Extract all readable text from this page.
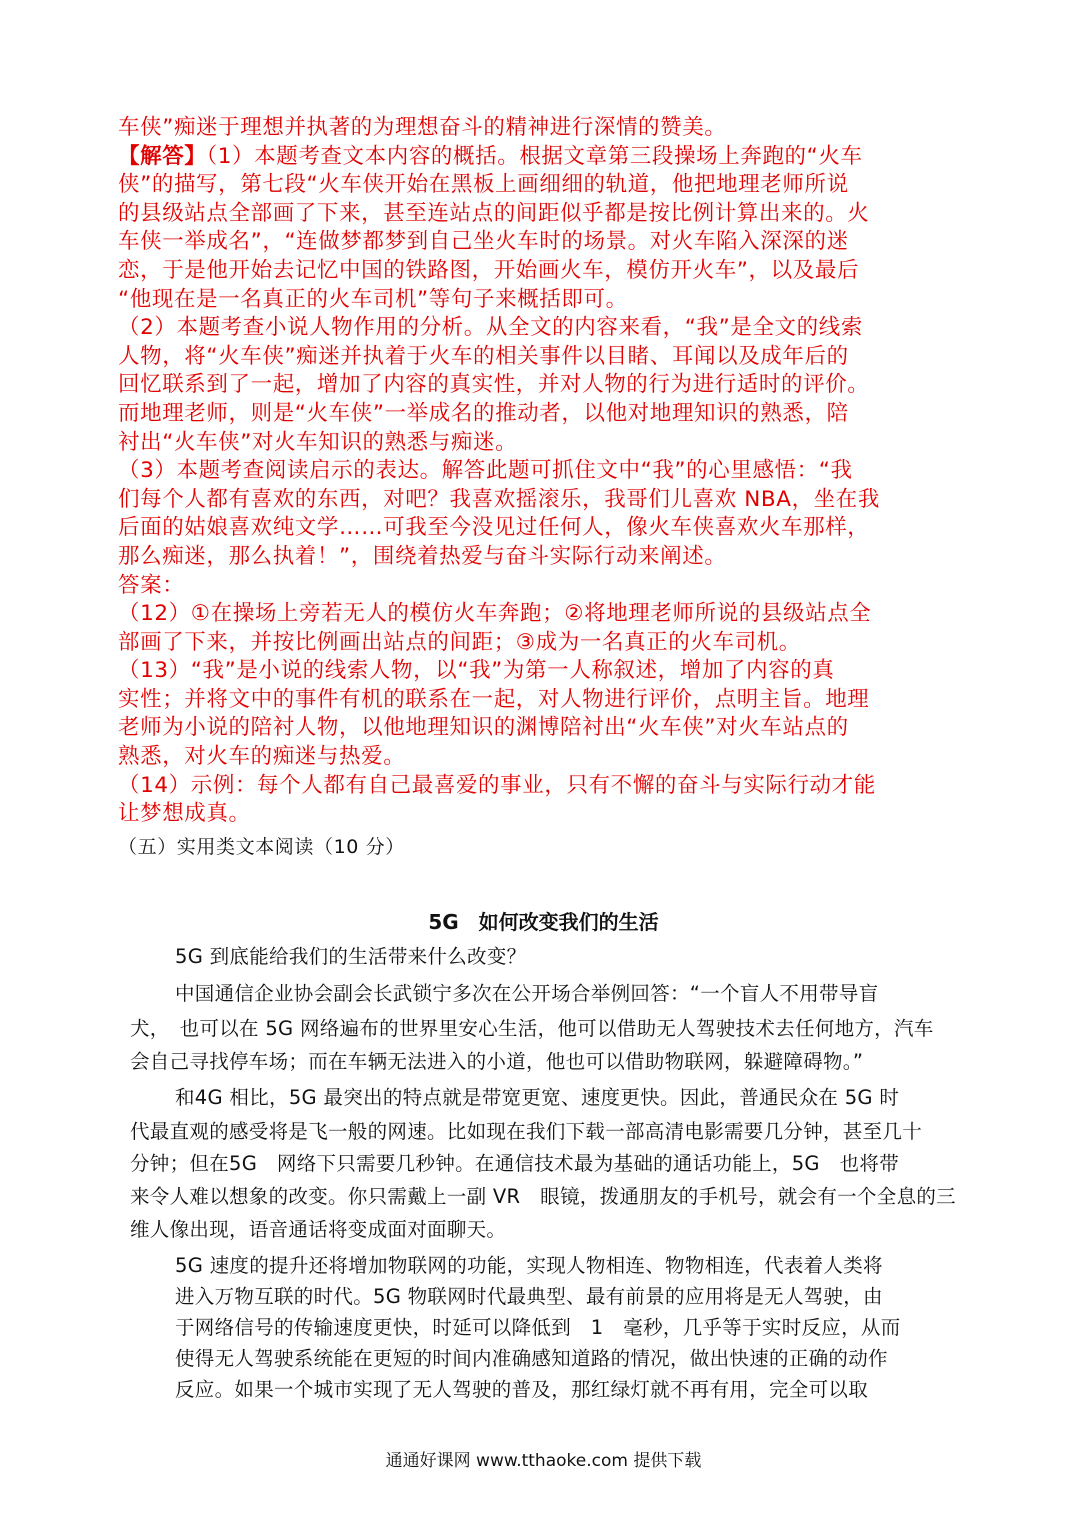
车侠”痴迷于理想并执著的为理想奋斗的精神进行深情的赞美。

【解答】（1）本题考查文本内容的概括。根据文章第三段操场上奔跑的“火车

侠”的描写，第七段“火车侠开始在黑板上画细细的轨道，他把地理老师所说

的县级站点全部画了下来，甚至连站点的间距似乎都是按比例计算出来的。火

车侠一举成名”，“连做梦都梦到自己坐火车时的场景。对火车陷入深深的迷

恋，于是他开始去记忆中国的铁路图，开始画火车，模仿开火车”，以及最后

“他现在是一名真正的火车司机”等句子来概括即可。

（2）本题考查小说人物作用的分析。从全文的内容来看，“我”是全文的线索

人物，将“火车侠”痴迷并执着于火车的相关事件以目睹、耳闻以及成年后的

回忆联系到了一起，增加了内容的真实性，并对人物的行为进行适时的评价。

而地理老师，则是“火车侠”一举成名的推动者，以他对地理知识的熟悉，陪

衬出“火车侠”对火车知识的熟悉与痴迷。

（3）本题考查阅读启示的表达。解答此题可抓住文中“我”的心里感悟：“我

们每个人都有喜欢的东西，对吧？我喜欢摇滚乐，我哥们儿喜欢 NBA，坐在我

后面的姑娘喜欢纯文学……可我至今没见过任何人，像火车侠喜欢火车那样，

那么痴迷，那么执着！”，围绕着热爱与奋斗实际行动来阐述。

答案：

（12）①在操场上旁若无人的模仿火车奔跑；②将地理老师所说的县级站点全

部画了下来，并按比例画出站点的间距；③成为一名真正的火车司机。

（13）“我”是小说的线索人物，以“我”为第一人称叙述，增加了内容的真

实性；并将文中的事件有机的联系在一起，对人物进行评价，点明主旨。地理

老师为小说的陪衬人物，以他地理知识的渊博陪衬出“火车侠”对火车站点的

熟悉，对火车的痴迷与热爱。

（14）示例：每个人都有自己最喜爱的事业，只有不懈的奋斗与实际行动才能

让梦想成真。

（五）实用类文本阅读（10 分）
5G　如何改变我们的生活
5G 到底能给我们的生活带来什么改变？
中国通信企业协会副会长武锁宁多次在公开场合举例回答：“一个盲人不用带导盲
犬，　也可以在 5G 网络遍布的世界里安心生活，他可以借助无人驾驶技术去任何地方，汽车
会自己寻找停车场；而在车辆无法进入的小道，他也可以借助物联网，躲避障碍物。”
和4G 相比，5G 最突出的特点就是带宽更宽、速度更快。因此，普通民众在 5G 时
代最直观的感受将是飞一般的网速。比如现在我们下载一部高清电影需要几分钟，甚至几十
分钟；但在5G　网络下只需要几秒钟。在通信技术最为基础的通话功能上，5G　也将带
来令人难以想象的改变。你只需戴上一副 VR　眼镜，拨通朋友的手机号，就会有一个全息的三
维人像出现，语音通话将变成面对面聊天。
5G 速度的提升还将增加物联网的功能，实现人物相连、物物相连，代表着人类将
进入万物互联的时代。5G 物联网时代最典型、最有前景的应用将是无人驾驶，由
于网络信号的传输速度更快，时延可以降低到　1　毫秒，几乎等于实时反应，从而
使得无人驾驶系统能在更短的时间内准确感知道路的情况，做出快速的正确的动作
反应。如果一个城市实现了无人驾驶的普及，那红绿灯就不再有用，完全可以取
通通好课网 www.tthaoke.com 提供下载
